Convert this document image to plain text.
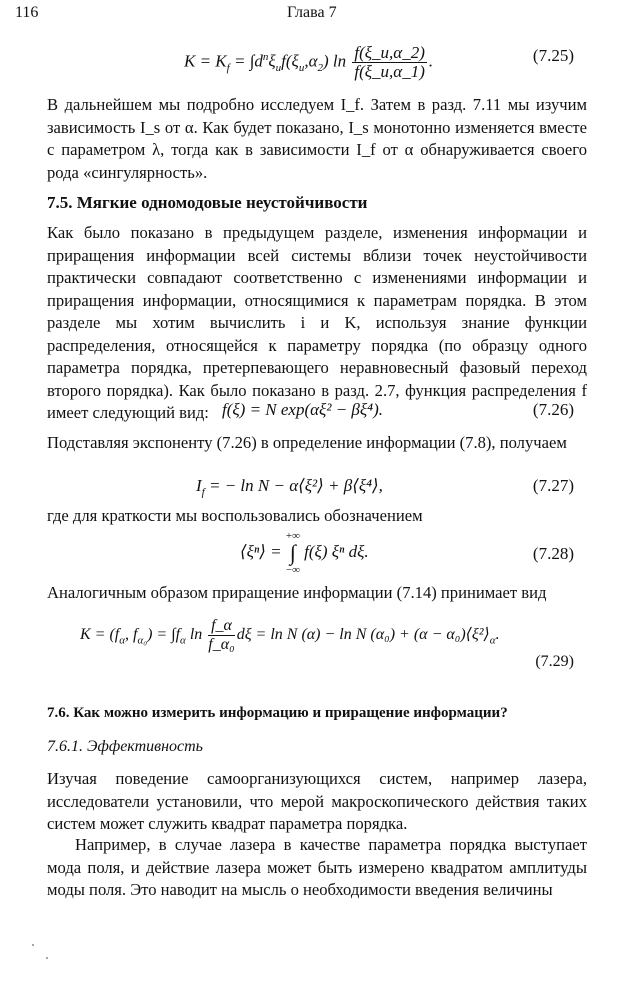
116	Глава 7
$K = K_f = \int d^n\xi_uf(\xi_u,\alpha_2)$ $\ln \frac{f(\xi\_u,\alpha\_2)}{f(\xi\_u,\alpha\_1)}$ .	(7.25)

В дальнейшем мы подробно исследуем I_f. Затем в разд. 7.11 мы изучим зависимость I_s от α. Как будет показано, I_s монотонно изменяется вместе с параметром λ, тогда как в зависимости I_f от α обнаруживается своего рода «сингулярность».

7.5. Мягкие одномодовые неустойчивости

Как было показано в предыдущем разделе, изменения информации и приращения информации всей системы вблизи точек неустойчивости практически совпадают соответственно с изменениями информации и приращения информации, относящимися к параметрам порядка. В этом разделе мы хотим вычислить i и K, используя знание функции распределения, относящейся к параметру порядка (по образцу одного параметра порядка, претерпевающего неравновесный фазовый переход второго порядка). Как было показано в разд. 2.7, функция распределения f имеет следующий вид: f(ξ) = N exp(αξ² − βξ⁴).	(7.26)

Подставляя экспоненту (7.26) в определение информации (7.8), получаем

$I_f$ = − ln N − α⟨ξ²⟩ + β⟨ξ⁴⟩,	(7.27)

где для краткости мы воспользовались обозначением

⟨ξⁿ⟩ =
+∞
∫
−∞
f(ξ) ξⁿ dξ.	(7.28)

Аналогичным образом приращение информации (7.14) принимает вид

$K = (f_\alpha$, $f_{\alpha_0}) = \int f_\alpha$ $\ln \frac{f\_\alpha}{\text{f\_α₀}}$ dξ = ln N (α) − ln N $(\alpha_0) + (\alpha - \alpha_0)⟨\xi^2⟩_\alpha$.
(7.29)
7.6. Как можно измерить информацию и приращение информации?
7.6.1. Эффективность

Изучая поведение самоорганизующихся систем, например лазера, исследователи установили, что мерой макроскопического действия таких систем может служить квадрат параметра порядка.

Например, в случае лазера в качестве параметра порядка выступает мода поля, и действие лазера может быть измерено квадратом амплитуды моды поля. Это наводит на мысль о необходимости введения величины
